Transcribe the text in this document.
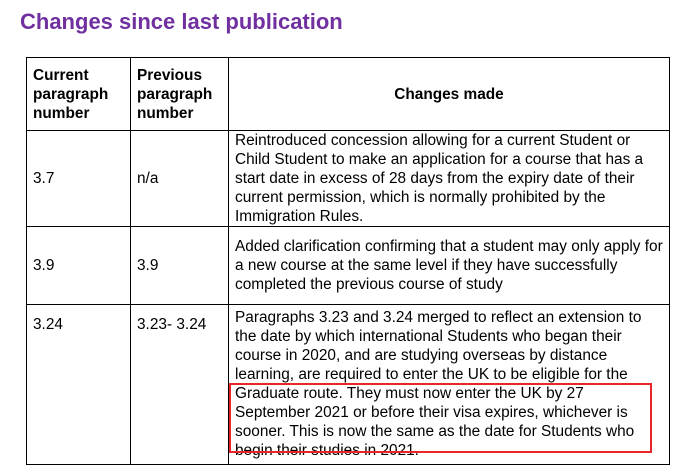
Changes since last publication
Current paragraph number	Previous paragraph number	Changes made
3.7	n/a	Reintroduced concession allowing for a current Student or Child Student to make an application for a course that has a start date in excess of 28 days from the expiry date of their current permission, which is normally prohibited by the Immigration Rules.
3.9	3.9	Added clarification confirming that a student may only apply for a new course at the same level if they have successfully completed the previous course of study
3.24	3.23- 3.24	Paragraphs 3.23 and 3.24 merged to reflect an extension to the date by which international Students who began their course in 2020, and are studying overseas by distance learning, are required to enter the UK to be eligible for the Graduate route. They must now enter the UK by 27 September 2021 or before their visa expires, whichever is sooner. This is now the same as the date for Students who begin their studies in 2021.
